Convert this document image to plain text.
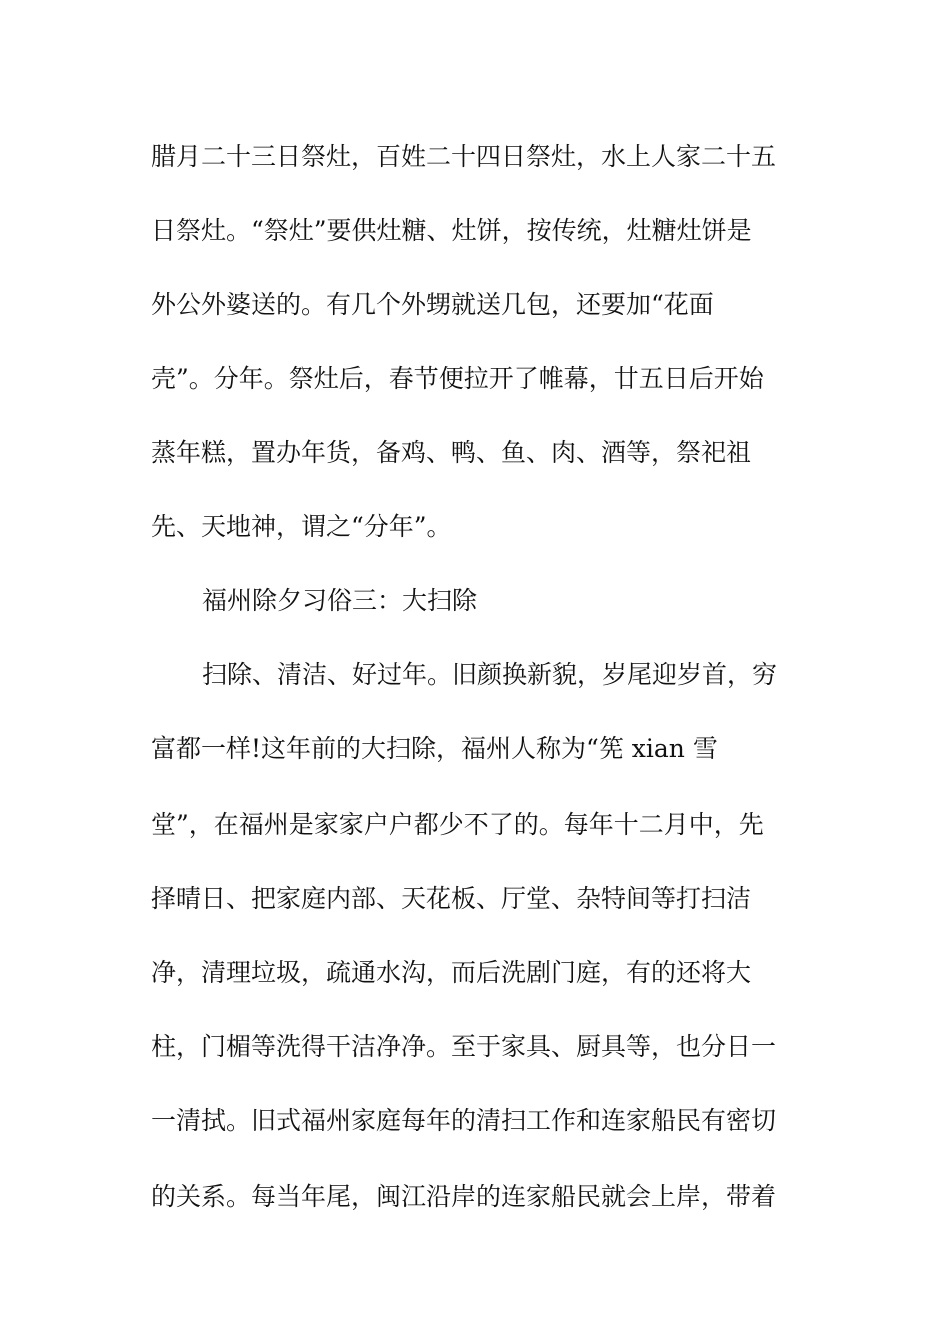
腊月二十三日祭灶，百姓二十四日祭灶，水上人家二十五
日祭灶。“祭灶”要供灶糖、灶饼，按传统，灶糖灶饼是
外公外婆送的。有几个外甥就送几包，还要加“花面
壳”。分年。祭灶后，春节便拉开了帷幕，廿五日后开始
蒸年糕，置办年货，备鸡、鸭、鱼、肉、酒等，祭祀祖
先、天地神，谓之“分年”。
福州除夕习俗三：大扫除
扫除、清洁、好过年。旧颜换新貌，岁尾迎岁首，穷
富都一样!这年前的大扫除，福州人称为“筅 xian 雪
堂”，在福州是家家户户都少不了的。每年十二月中，先
择晴日、把家庭内部、天花板、厅堂、杂特间等打扫洁
净，清理垃圾，疏通水沟，而后洗剧门庭，有的还将大
柱，门楣等洗得干洁净净。至于家具、厨具等，也分日一
一清拭。旧式福州家庭每年的清扫工作和连家船民有密切
的关系。每当年尾，闽江沿岸的连家船民就会上岸，带着
